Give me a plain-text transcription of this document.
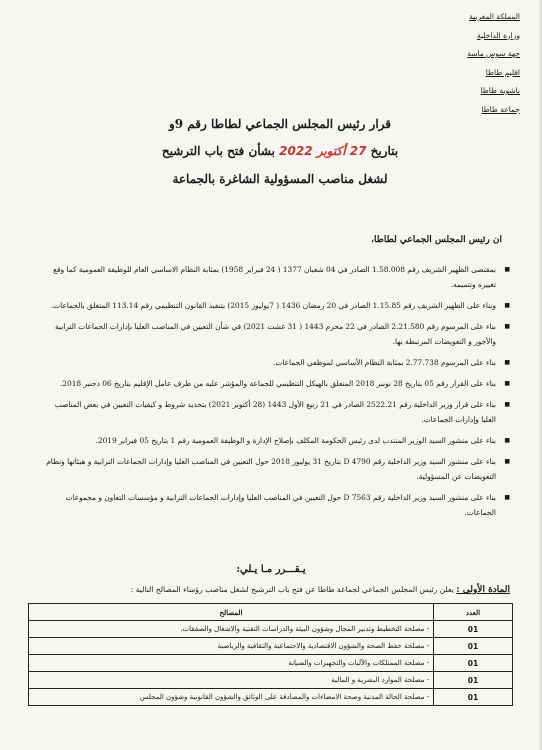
المملكة المغربية
وزارة الداخلية
جهة سوس ماسة
اقليم طاطا
باشوية طاطا
جماعة طاطا
قرار رئيس المجلس الجماعي لطاطا رقم 9و
بتاريخ 27 أكتوبر 2022 بشأن فتح باب الترشيح
لشغل مناصب المسؤولية الشاغرة بالجماعة
ان رئيس المجلس الجماعي لطاطا،
■ بمقتضى الظهير الشريف رقم 1.58.008 الصادر في 04 شعبان 1377 ( 24 فبراير 1958) بمثابة النظام الاساسي العام للوظيفة العمومية كما وقع تغييره وتتميمه.
■ وبناء على الظهير الشريف رقم 1.15.85 الصادر في 20 رمضان 1436 ( 7يوليوز 2015) بتنفيذ القانون التنظيمي رقم 113.14 المتعلق بالجماعات.
■ بناء على المرسوم رقم 2.21.580 الصادر في 22 محرم 1443 ( 31 غشت 2021) في شأن التعيين في المناصب العليا بإدارات الجماعات الترابية والأجور و التعويضات المرتبطة بها.
■ بناء على المرسوم 2.77.738 بمثابة النظام الأساسي لموظفي الجماعات.
■ بناء على القرار رقم 05 بتاريخ 28 نونبر 2018 المتعلق بالهيكل التنظيمي للجماعة والمؤشر عليه من طرف عامل الإقليم بتاريخ 06 دجنبر 2018.
■ بناء على قرار وزير الداخلية رقم 2522.21 الصادر في 21 ربيع الأول 1443 (28 أكتوبر 2021) بتحديد شروط و كيفيات التعيين في بعض المناصب العليا وإدارات الجماعات.
■ بناء على منشور السيد الوزير المنتدب لدى رئيس الحكومة المكلف بإصلاح الإدارة و الوظيفة العمومية رقم 1 بتاريخ 05 فبراير 2019.
■ بناء على منشور السيد وزير الداخلية رقم D 4790 بتاريخ 31 يوليوز 2018 حول التعيين في المناصب العليا وإدارات الجماعات الترابية و هيئاتها ونظام التعويضات عن المسؤولية.
■ بناء على منشور السيد وزير الداخلية رقم D 7563 حول التعيين في المناصب العليا وإدارات الجماعات الترابية و مؤسسات التعاون و مجموعات الجماعات.
يـقـــرر مـا يـلي:
المادة الأولى : يعلن رئيس المجلس الجماعي لجماعة طاطا عن فتح باب الترشيح لشغل مناصب رؤساء المصالح التالية :
العدد	المصالح
01	- مصلحة التخطيط وتدبير المجال وشؤون البيئة والدراسات التقنية والاشغال والصفقات.
01	- مصلحة حفظ الصحة والشؤون الاقتصادية والاجتماعية والثقافية والرياضية
01	- مصلحة الممتلكات والآليات والتجهيزات والصيانة
01	- مصلحة الموارد البشرية و المالية
01	- مصلحة الحالة المدنية وصحة الامضاءات والمصادقة على الوثائق والشؤون القانونية وشؤون المجلس
